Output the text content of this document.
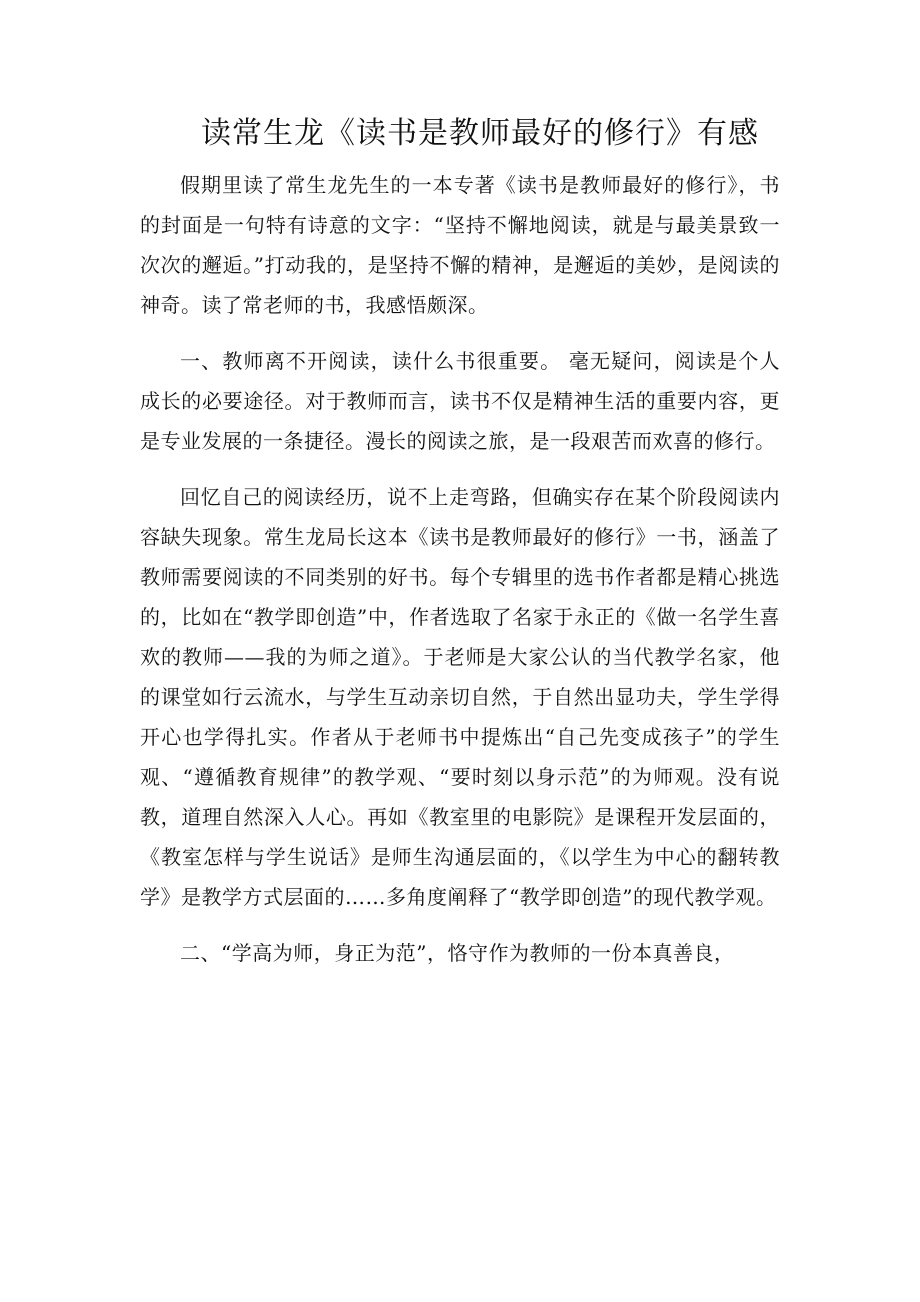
读常生龙《读书是教师最好的修行》有感

假期里读了常生龙先生的一本专著《读书是教师最好的修行》，书的封面是一句特有诗意的文字：“坚持不懈地阅读，就是与最美景致一次次的邂逅。”打动我的，是坚持不懈的精神，是邂逅的美妙，是阅读的神奇。读了常老师的书，我感悟颇深。

一、教师离不开阅读，读什么书很重要。 毫无疑问，阅读是个人成长的必要途径。对于教师而言，读书不仅是精神生活的重要内容，更是专业发展的一条捷径。漫长的阅读之旅，是一段艰苦而欢喜的修行。

回忆自己的阅读经历，说不上走弯路，但确实存在某个阶段阅读内容缺失现象。常生龙局长这本《读书是教师最好的修行》一书，涵盖了教师需要阅读的不同类别的好书。每个专辑里的选书作者都是精心挑选的，比如在“教学即创造”中，作者选取了名家于永正的《做一名学生喜欢的教师——我的为师之道》。于老师是大家公认的当代教学名家，他的课堂如行云流水，与学生互动亲切自然，于自然出显功夫，学生学得开心也学得扎实。作者从于老师书中提炼出“自己先变成孩子”的学生观、“遵循教育规律”的教学观、“要时刻以身示范”的为师观。没有说教，道理自然深入人心。再如《教室里的电影院》是课程开发层面的，《教室怎样与学生说话》是师生沟通层面的，《以学生为中心的翻转教学》是教学方式层面的……多角度阐释了“教学即创造”的现代教学观。

二、“学高为师，身正为范”，恪守作为教师的一份本真善良，
